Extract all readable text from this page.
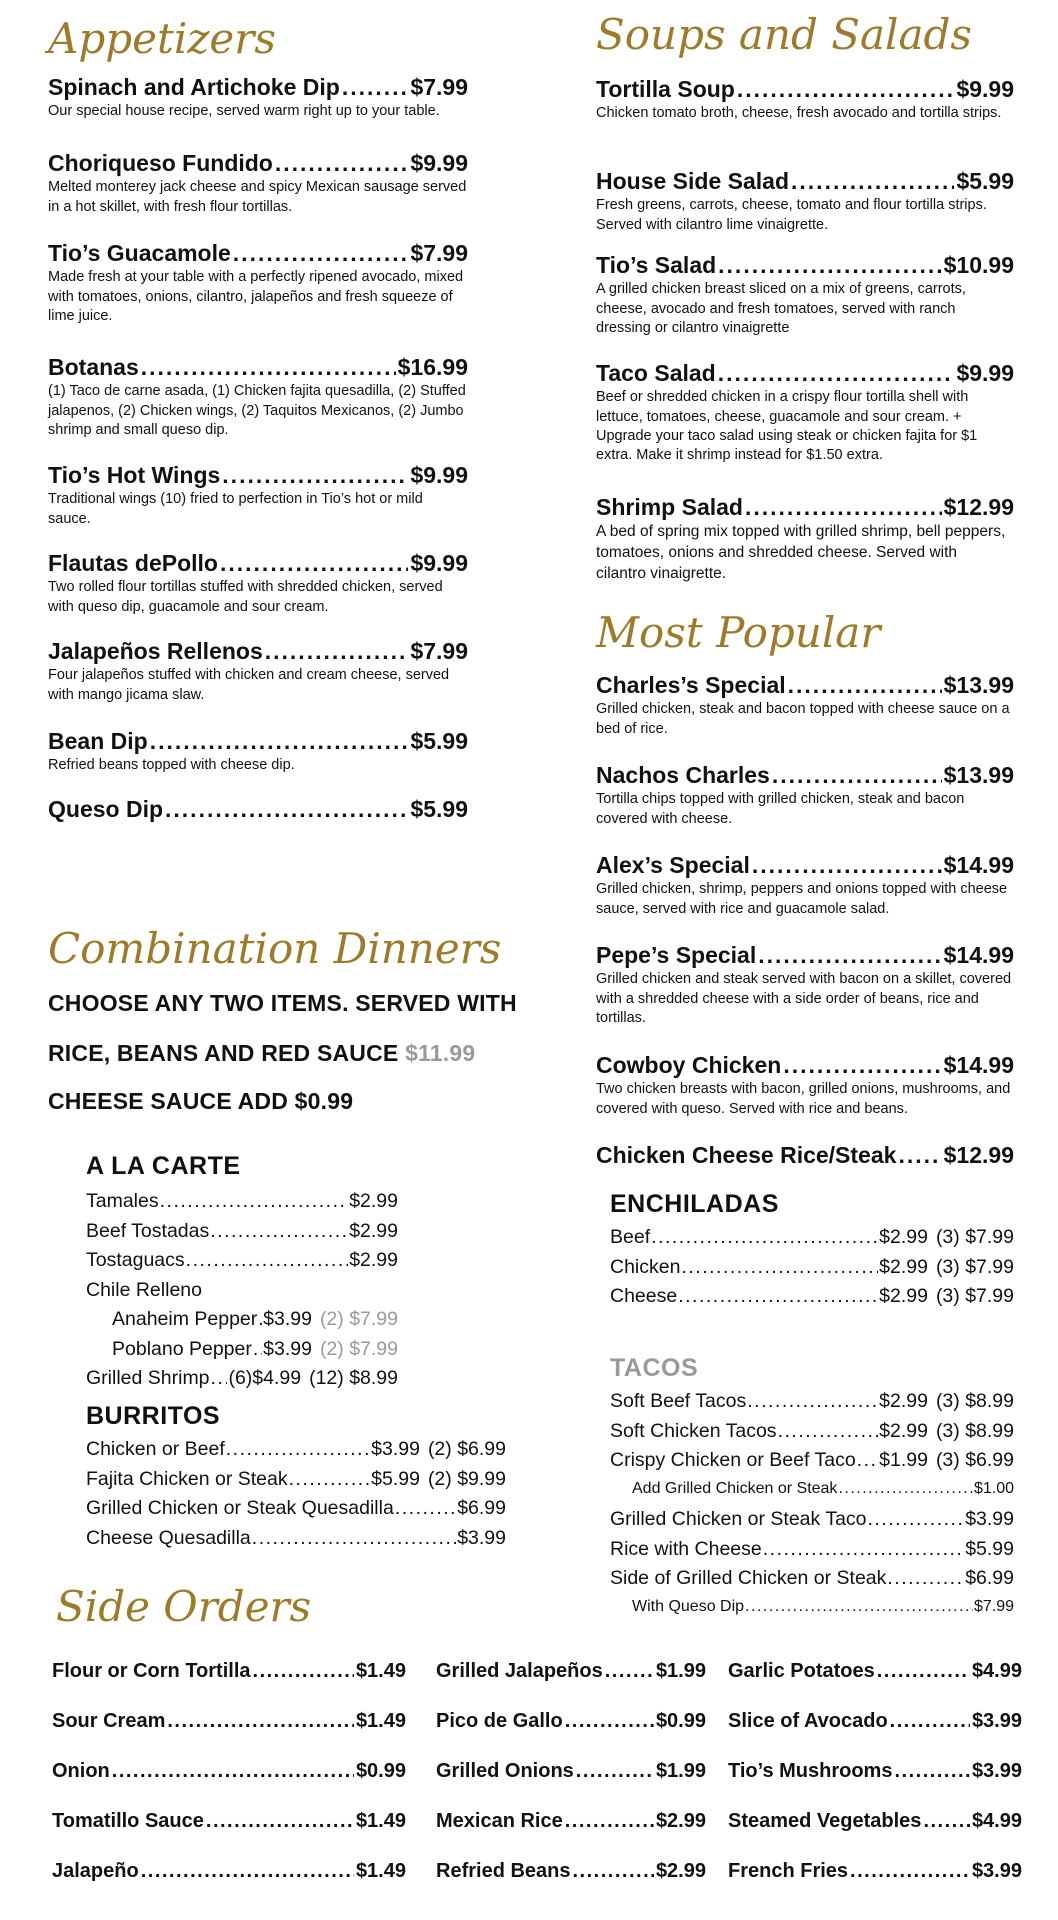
Appetizers
Spinach and Artichoke Dip .....	$7.99
Our special house recipe, served warm right up to your table.
Choriqueso Fundido .....	$9.99
Melted monterey jack cheese and spicy Mexican sausage served in a hot skillet, with fresh flour tortillas.
Tio’s Guacamole .....	$7.99
Made fresh at your table with a perfectly ripened avocado, mixed with tomatoes, onions, cilantro, jalapeños and fresh squeeze of lime juice.
Botanas .....	$16.99
(1) Taco de carne asada, (1) Chicken fajita quesadilla, (2) Stuffed jalapenos, (2) Chicken wings, (2) Taquitos Mexicanos, (2) Jumbo shrimp and small queso dip.
Tio’s Hot Wings .....	$9.99
Traditional wings (10) fried to perfection in Tio’s hot or mild sauce.
Flautas dePollo .....	$9.99
Two rolled flour tortillas stuffed with shredded chicken, served with queso dip, guacamole and sour cream.
Jalapeños Rellenos .....	$7.99
Four jalapeños stuffed with chicken and cream cheese, served with mango jicama slaw.
Bean Dip .....	$5.99
Refried beans topped with cheese dip.
Queso Dip .....	$5.99
Combination Dinners
CHOOSE ANY TWO ITEMS. SERVED WITH
RICE, BEANS AND RED SAUCE $11.99
CHEESE SAUCE ADD $0.99
A LA CARTE
Tamales .....	$2.99
Beef Tostadas .....	$2.99
Tostaguacs .....	$2.99
Chile Relleno
Anaheim Pepper ..... $3.99 (2) $7.99
Poblano Pepper ..... $3.99 (2) $7.99
Grilled Shrimp ..... (6)$4.99 (12) $8.99
BURRITOS
Chicken or Beef .....	$3.99 (2) $6.99
Fajita Chicken or Steak .....	$5.99 (2) $9.99
Grilled Chicken or Steak Quesadilla .....	$6.99
Cheese Quesadilla .....	$3.99
Soups and Salads
Tortilla Soup .....	$9.99
Chicken tomato broth, cheese, fresh avocado and tortilla strips.
House Side Salad .....	$5.99
Fresh greens, carrots, cheese, tomato and flour tortilla strips. Served with cilantro lime vinaigrette.
Tio’s Salad .....	$10.99
A grilled chicken breast sliced on a mix of greens, carrots, cheese, avocado and fresh tomatoes, served with ranch dressing or cilantro vinaigrette
Taco Salad .....	$9.99
Beef or shredded chicken in a crispy flour tortilla shell with lettuce, tomatoes, cheese, guacamole and sour cream. + Upgrade your taco salad using steak or chicken fajita for $1 extra. Make it shrimp instead for $1.50 extra.
Shrimp Salad .....	$12.99
A bed of spring mix topped with grilled shrimp, bell peppers, tomatoes, onions and shredded cheese. Served with cilantro vinaigrette.
Most Popular
Charles’s Special .....	$13.99
Grilled chicken, steak and bacon topped with cheese sauce on a bed of rice.
Nachos Charles .....	$13.99
Tortilla chips topped with grilled chicken, steak and bacon covered with cheese.
Alex’s Special .....	$14.99
Grilled chicken, shrimp, peppers and onions topped with cheese sauce, served with rice and guacamole salad.
Pepe’s Special .....	$14.99
Grilled chicken and steak served with bacon on a skillet, covered with a shredded cheese with a side order of beans, rice and tortillas.
Cowboy Chicken .....	$14.99
Two chicken breasts with bacon, grilled onions, mushrooms, and covered with queso. Served with rice and beans.
Chicken Cheese Rice/Steak ..... $12.99
ENCHILADAS
Beef .....	$2.99 (3) $7.99
Chicken .....	$2.99 (3) $7.99
Cheese .....	$2.99 (3) $7.99
TACOS
Soft Beef Tacos .....	$2.99 (3) $8.99
Soft Chicken Tacos .....	$2.99 (3) $8.99
Crispy Chicken or Beef Taco ..... $1.99 (3) $6.99
Add Grilled Chicken or Steak .....	$1.00
Grilled Chicken or Steak Taco .....	$3.99
Rice with Cheese .....	$5.99
Side of Grilled Chicken or Steak .....	$6.99
With Queso Dip .....	$7.99
Side Orders
Flour or Corn Tortilla .....	$1.49
Sour Cream .....	$1.49
Onion .....	$0.99
Tomatillo Sauce .....	$1.49
Jalapeño .....	$1.49
Grilled Jalapeños .....	$1.99
Pico de Gallo .....	$0.99
Grilled Onions .....	$1.99
Mexican Rice .....	$2.99
Refried Beans .....	$2.99
Garlic Potatoes .....	$4.99
Slice of Avocado .....	$3.99
Tio’s Mushrooms .....	$3.99
Steamed Vegetables .....	$4.99
French Fries .....	$3.99
